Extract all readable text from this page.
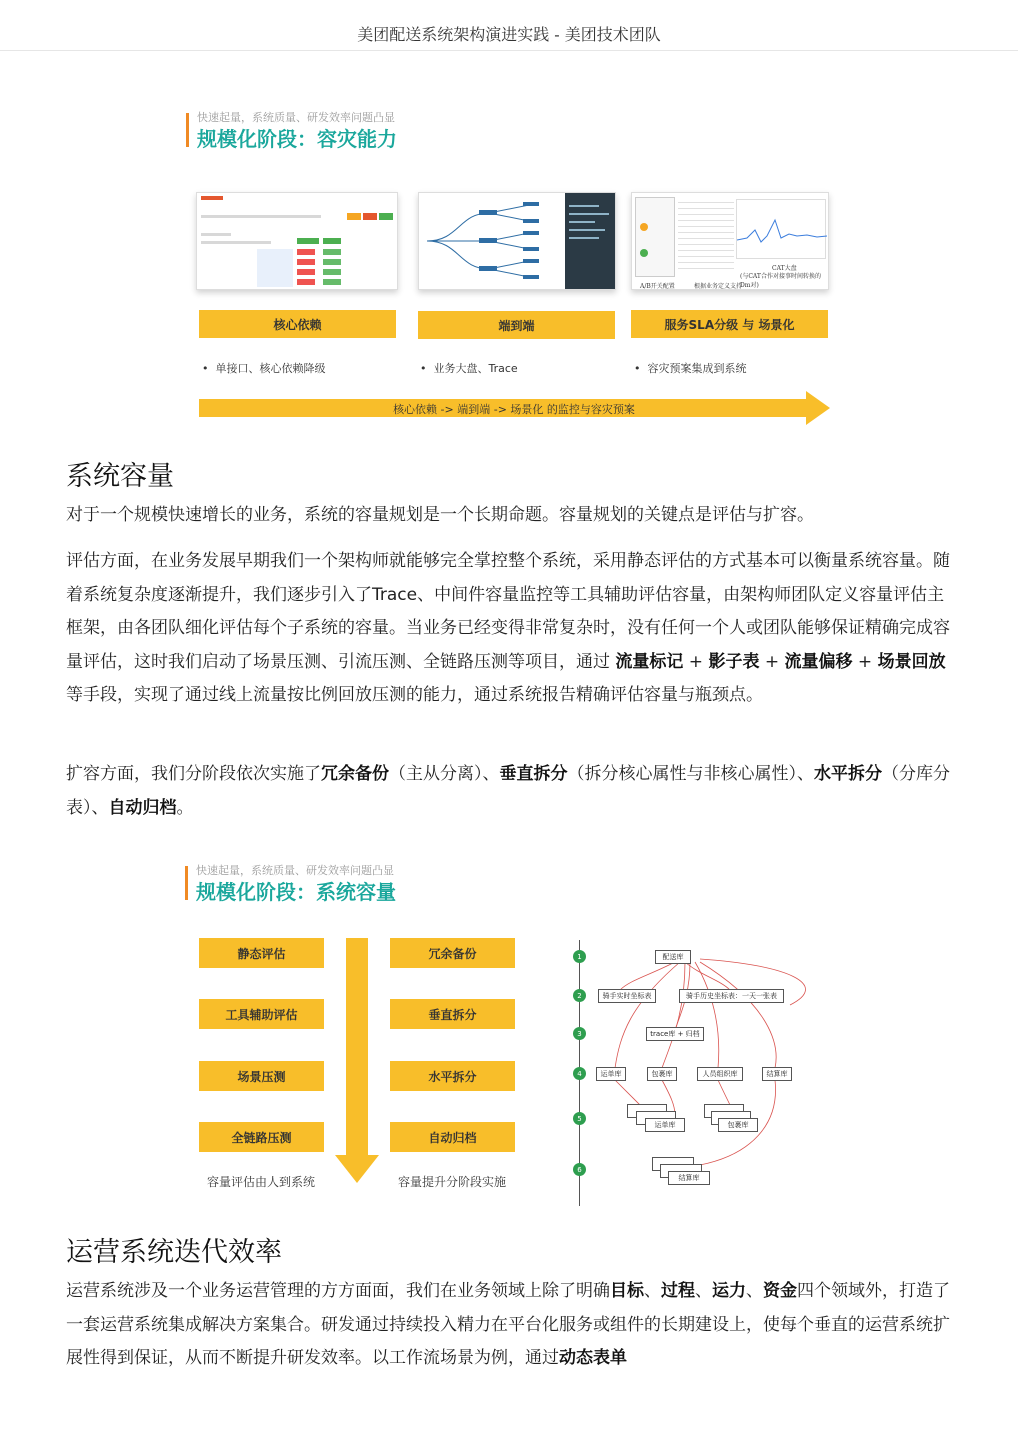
美团配送系统架构演进实践 - 美团技术团队
快速起量，系统质量、研发效率问题凸显
规模化阶段：容灾能力
CAT大盘
(与CAT合作对接事时间转换的Dm对)
A/B开关配置	根据业务定义支持
核心依赖	端到端	服务SLA分级 与 场景化
•  单接口、核心依赖降级	•  业务大盘、Trace	•  容灾预案集成到系统
核心依赖 -> 端到端 -> 场景化 的监控与容灾预案
系统容量

对于一个规模快速增长的业务，系统的容量规划是一个长期命题。容量规划的关键点是评估与扩容。

评估方面，在业务发展早期我们一个架构师就能够完全掌控整个系统，采用静态评估的方式基本可以衡量系统容量。随着系统复杂度逐渐提升，我们逐步引入了Trace、中间件容量监控等工具辅助评估容量，由架构师团队定义容量评估主框架，由各团队细化评估每个子系统的容量。当业务已经变得非常复杂时，没有任何一个人或团队能够保证精确完成容量评估，这时我们启动了场景压测、引流压测、全链路压测等项目，通过 流量标记 + 影子表 + 流量偏移 + 场景回放 等手段，实现了通过线上流量按比例回放压测的能力，通过系统报告精确评估容量与瓶颈点。

扩容方面，我们分阶段依次实施了冗余备份（主从分离）、垂直拆分（拆分核心属性与非核心属性）、水平拆分（分库分表）、自动归档。

快速起量，系统质量、研发效率问题凸显
规模化阶段：系统容量
静态评估
工具辅助评估
场景压测
全链路压测
冗余备份
垂直拆分
水平拆分
自动归档
容量评估由人到系统	容量提升分阶段实施
1
2
3
4
5
6
配送库
骑手实时坐标表	骑手历史坐标表：一天一张表
trace库 + 归档
运单库	包裹库	人员组织库	结算库
运单库	包裹库
结算库
运营系统迭代效率

运营系统涉及一个业务运营管理的方方面面，我们在业务领域上除了明确目标、过程、运力、资金四个领域外，打造了一套运营系统集成解决方案集合。研发通过持续投入精力在平台化服务或组件的长期建设上，使每个垂直的运营系统扩展性得到保证，从而不断提升研发效率。以工作流场景为例，通过动态表单
